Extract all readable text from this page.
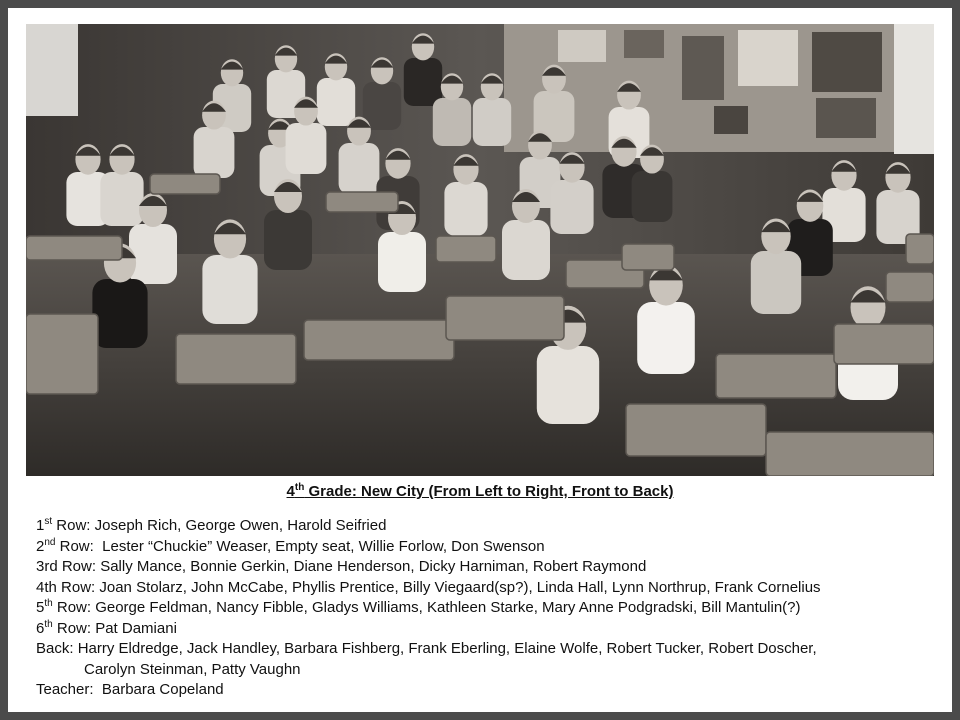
4th Grade: New City (From Left to Right, Front to Back)

1st Row: Joseph Rich, George Owen, Harold Seifried

2nd Row:  Lester “Chuckie” Weaser, Empty seat, Willie Forlow, Don Swenson

3rd Row: Sally Mance, Bonnie Gerkin, Diane Henderson, Dicky Harniman, Robert Raymond

4th Row: Joan Stolarz, John McCabe, Phyllis Prentice, Billy Viegaard(sp?), Linda Hall, Lynn Northrup, Frank Cornelius

5th Row: George Feldman, Nancy Fibble, Gladys Williams, Kathleen Starke, Mary Anne Podgradski, Bill Mantulin(?)

6th Row: Pat Damiani

Back: Harry Eldredge, Jack Handley, Barbara Fishberg, Frank Eberling, Elaine Wolfe, Robert Tucker, Robert Doscher,
Carolyn Steinman, Patty Vaughn

Teacher:  Barbara Copeland
